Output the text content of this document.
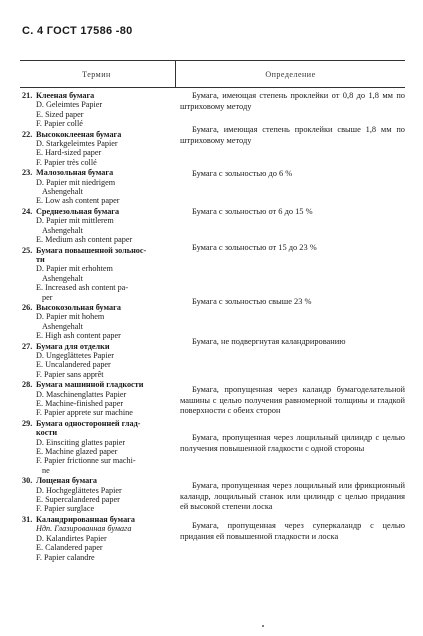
С. 4 ГОСТ 17586 -80
Термин	Определение
21. Клееная бумага
D. Geleimtes Papier
E. Sized paper
F. Papier collé
22. Высококлееная бумага
D. Starkgeleimtes Papier
E. Hard-sized paper
F. Papier très collé
23. Малозольная бумага
D. Papier mit niedrigem
Ashengehalt
E. Low ash content paper
24. Среднезольная бумага
D. Papier mit mittlerem
Ashengehalt
E. Medium ash content paper
25. Бумага повышенной зольнос-
ти
D. Papier mit erhohtem
Ashengehalt
E. Increased ash content pa-
per
26. Высокозольная бумага
D. Papier mit hohem
Ashengehalt
E. High ash content paper
27. Бумага для отделки
D. Ungeglättetes Papier
E. Uncalandered paper
F. Papier sans apprêt
28. Бумага машинной гладкости
D. Maschinenglattes Papier
E. Machine-finished paper
F. Papier apprete sur machine
29. Бумага односторонней глад-
кости
D. Einsciting glattes papier
E. Machine glazed paper
F. Papier frictionne sur machi-
ne
30. Лощеная бумага
D. Hochgeglättetes Papier
E. Supercalandered paper
F. Papier surglace
31. Каландрированная бумага
Ндп. Глазированная бумага
D. Kalandirtes Papier
E. Calandered paper
F. Papier calandre
Бумага, имеющая степень проклейки от 0,8 до 1,8 мм по штриховому методу
Бумага, имеющая степень проклейки свыше 1,8 мм по штриховому методу
Бумага с зольностью до 6 %
Бумага с зольностью от 6 до 15 %
Бумага с зольностью от 15 до 23 %
Бумага с зольностью свыше 23 %
Бумага, не подвергнутая каландрированию
Бумага, пропущенная через каландр бумагоделательной машины с целью получения равномерной толщины и гладкой поверхности с обеих сторон
Бумага, пропущенная через лощильный цилиндр с целью получения повышенной гладкости с одной стороны
Бумага, пропущенная через лощильный или фрикционный каландр, лощильный станок или цилиндр с целью придания ей высокой степени лоска
Бумага, пропущенная через суперкаландр с целью придания ей повышенной гладкости и лоска
